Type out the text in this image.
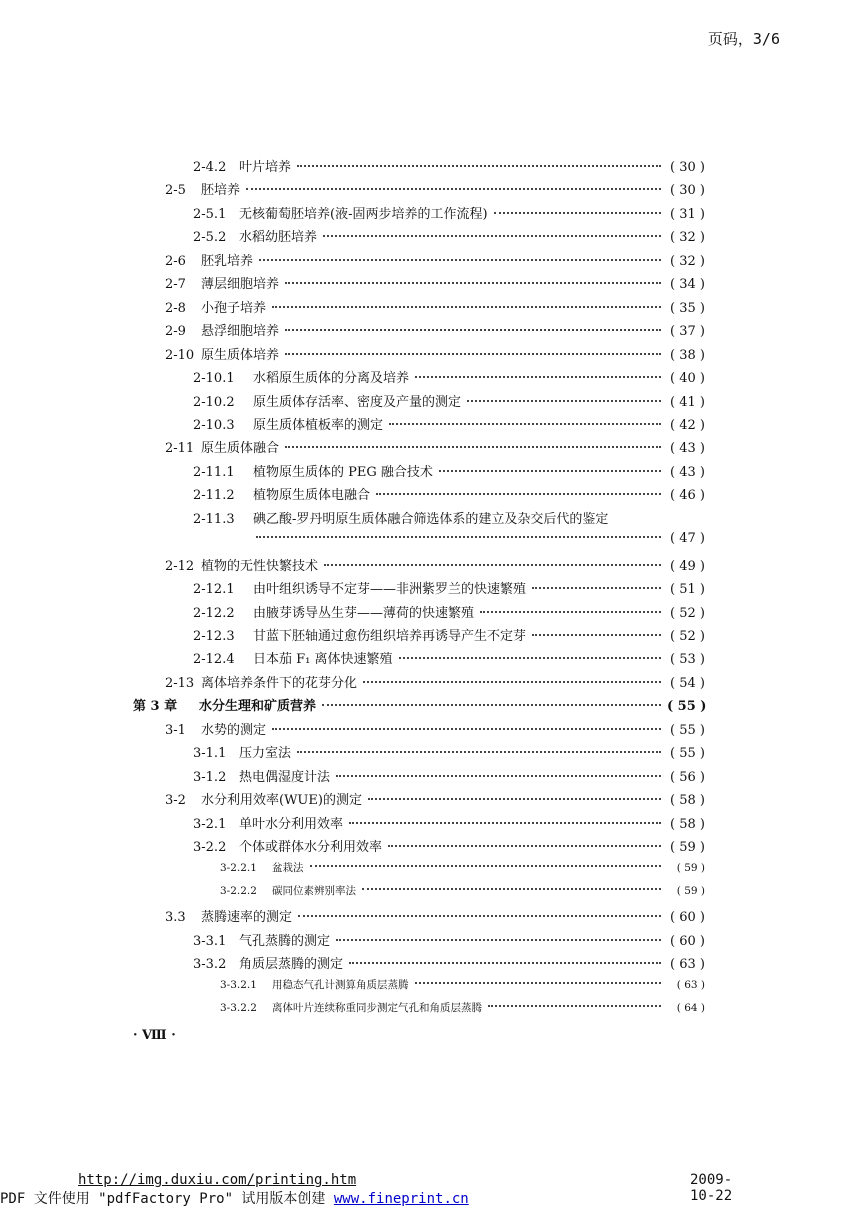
页码，3/6
2-4.2 叶片培养	( 30 )
2-5	胚培养	( 30 )
2-5.1 无核葡萄胚培养(液-固两步培养的工作流程)	( 31 )
2-5.2 水稻幼胚培养	( 32 )
2-6	胚乳培养	( 32 )
2-7	薄层细胞培养	( 34 )
2-8	小孢子培养	( 35 )
2-9	悬浮细胞培养	( 37 )
2-10 原生质体培养	( 38 )
2-10.1	水稻原生质体的分离及培养	( 40 )
2-10.2	原生质体存活率、密度及产量的测定	( 41 )
2-10.3	原生质体植板率的测定	( 42 )
2-11 原生质体融合	( 43 )
2-11.1	植物原生质体的 PEG 融合技术	( 43 )
2-11.2	植物原生质体电融合	( 46 )
2-11.3	碘乙酸-罗丹明原生质体融合筛选体系的建立及杂交后代的鉴定
( 47 )
2-12 植物的无性快繁技术	( 49 )
2-12.1	由叶组织诱导不定芽——非洲紫罗兰的快速繁殖	( 51 )
2-12.2	由腋芽诱导丛生芽——薄荷的快速繁殖	( 52 )
2-12.3	甘蓝下胚轴通过愈伤组织培养再诱导产生不定芽	( 52 )
2-12.4	日本茄 F₁ 离体快速繁殖	( 53 )
2-13 离体培养条件下的花芽分化	( 54 )
第 3 章	水分生理和矿质营养	( 55 )
3-1	水势的测定	( 55 )
3-1.1 压力室法	( 55 )
3-1.2 热电偶湿度计法	( 56 )
3-2	水分利用效率(WUE)的测定	( 58 )
3-2.1 单叶水分利用效率	( 58 )
3-2.2 个体或群体水分利用效率	( 59 )
3-2.2.1	盆栽法	( 59 )
3-2.2.2	碳同位素辨别率法	( 59 )
3.3	蒸腾速率的测定	( 60 )
3-3.1 气孔蒸腾的测定	( 60 )
3-3.2 角质层蒸腾的测定	( 63 )
3-3.2.1	用稳态气孔计测算角质层蒸腾	( 63 )
3-3.2.2	离体叶片连续称重同步测定气孔和角质层蒸腾	( 64 )
· Ⅷ ·
http://img.duxiu.com/printing.htm	2009-10-22
PDF 文件使用 "pdfFactory Pro" 试用版本创建 www.fineprint.cn
